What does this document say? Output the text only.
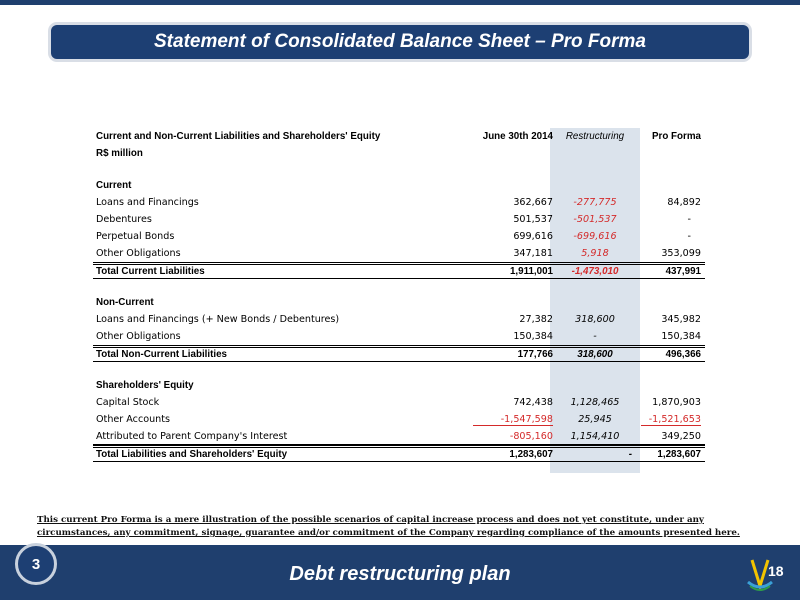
Statement of Consolidated Balance Sheet – Pro Forma
Current and Non-Current Liabilities and Shareholders' Equity	June 30th 2014	Restructuring	Pro Forma
R$ million
Current
Loans and Financings	362,667	-277,775	84,892
Debentures	501,537	-501,537	-
Perpetual Bonds	699,616	-699,616	-
Other Obligations	347,181	5,918	353,099
Total Current Liabilities	1,911,001	-1,473,010	437,991
Non-Current
Loans and Financings (+ New Bonds / Debentures)	27,382	318,600	345,982
Other Obligations	150,384	-	150,384
Total Non-Current Liabilities	177,766	318,600	496,366
Shareholders' Equity
Capital Stock	742,438	1,128,465	1,870,903
Other Accounts	-1,547,598	25,945	-1,521,653
Attributed to Parent Company's Interest	-805,160	1,154,410	349,250
Total Liabilities and Shareholders' Equity	1,283,607	-	1,283,607
This current Pro Forma is a mere illustration of the possible scenarios of capital increase process and does not yet constitute, under any circumstances, any commitment, signage, guarantee and/or commitment of the Company regarding compliance of the amounts presented here.
Debt restructuring plan
3	18
